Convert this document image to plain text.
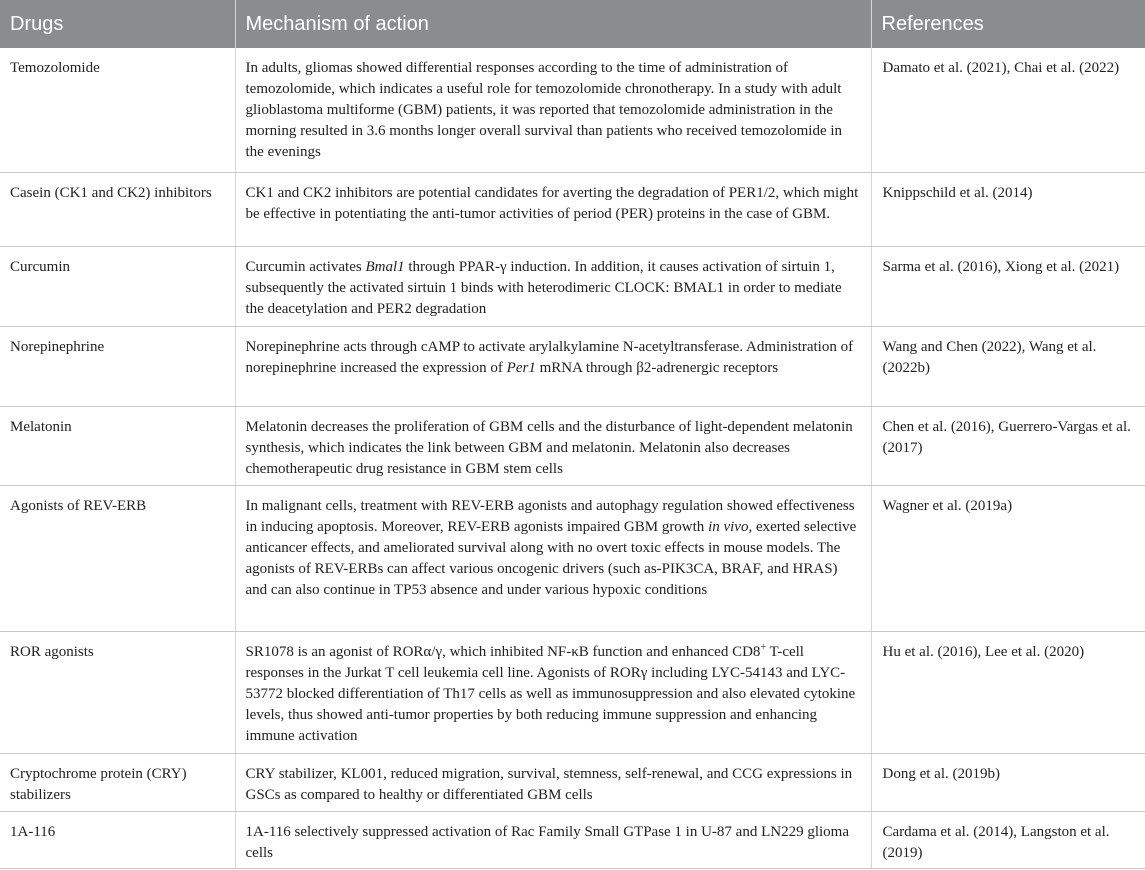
Drugs	Mechanism of action	References
Temozolomide	In adults, gliomas showed differential responses according to the time of administration of temozolomide, which indicates a useful role for temozolomide chronotherapy. In a study with adult glioblastoma multiforme (GBM) patients, it was reported that temozolomide administration in the morning resulted in 3.6 months longer overall survival than patients who received temozolomide in the evenings	Damato et al. (2021), Chai et al. (2022)
Casein (CK1 and CK2) inhibitors	CK1 and CK2 inhibitors are potential candidates for averting the degradation of PER1/2, which might be effective in potentiating the anti-tumor activities of period (PER) proteins in the case of GBM.	Knippschild et al. (2014)
Curcumin	Curcumin activates Bmal1 through PPAR-γ induction. In addition, it causes activation of sirtuin 1, subsequently the activated sirtuin 1 binds with heterodimeric CLOCK: BMAL1 in order to mediate the deacetylation and PER2 degradation	Sarma et al. (2016), Xiong et al. (2021)
Norepinephrine	Norepinephrine acts through cAMP to activate arylalkylamine N-acetyltransferase. Administration of norepinephrine increased the expression of Per1 mRNA through β2-adrenergic receptors	Wang and Chen (2022), Wang et al. (2022b)
Melatonin	Melatonin decreases the proliferation of GBM cells and the disturbance of light-dependent melatonin synthesis, which indicates the link between GBM and melatonin. Melatonin also decreases chemotherapeutic drug resistance in GBM stem cells	Chen et al. (2016), Guerrero-Vargas et al. (2017)
Agonists of REV-ERB	In malignant cells, treatment with REV-ERB agonists and autophagy regulation showed effectiveness in inducing apoptosis. Moreover, REV-ERB agonists impaired GBM growth in vivo, exerted selective anticancer effects, and ameliorated survival along with no overt toxic effects in mouse models. The agonists of REV-ERBs can affect various oncogenic drivers (such as-PIK3CA, BRAF, and HRAS) and can also continue in TP53 absence and under various hypoxic conditions	Wagner et al. (2019a)
ROR agonists	SR1078 is an agonist of RORα/γ, which inhibited NF-κB function and enhanced CD8+ T-cell responses in the Jurkat T cell leukemia cell line. Agonists of RORγ including LYC-54143 and LYC-53772 blocked differentiation of Th17 cells as well as immunosuppression and also elevated cytokine levels, thus showed anti-tumor properties by both reducing immune suppression and enhancing immune activation	Hu et al. (2016), Lee et al. (2020)
Cryptochrome protein (CRY) stabilizers	CRY stabilizer, KL001, reduced migration, survival, stemness, self-renewal, and CCG expressions in GSCs as compared to healthy or differentiated GBM cells	Dong et al. (2019b)
1A-116	1A-116 selectively suppressed activation of Rac Family Small GTPase 1 in U-87 and LN229 glioma cells	Cardama et al. (2014), Langston et al. (2019)
